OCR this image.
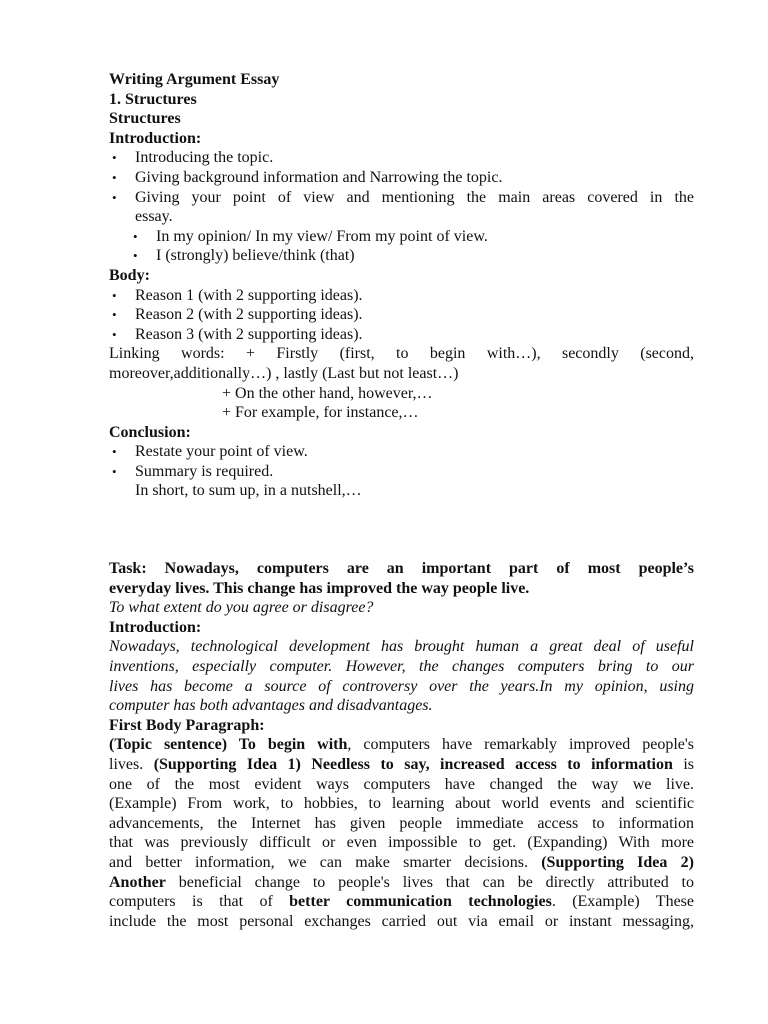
Writing Argument Essay

1. Structures

Structures

Introduction:

• Introducing the topic.
• Giving background information and Narrowing the topic.
• Giving your point of view and mentioning the main areas covered in the

essay.

• In my opinion/ In my view/ From my point of view.
• I (strongly) believe/think (that)

Body:

• Reason 1 (with 2 supporting ideas).
• Reason 2 (with 2 supporting ideas).
• Reason 3 (with 2 supporting ideas).

Linking words: + Firstly (first, to begin with…), secondly (second,

moreover,additionally…) , lastly (Last but not least…)

+ On the other hand, however,…

+ For example, for instance,…

Conclusion:

• Restate your point of view.
• Summary is required.

In short, to sum up, in a nutshell,…

Task: Nowadays, computers are an important part of most people’s

everyday lives. This change has improved the way people live.

To what extent do you agree or disagree?

Introduction:

Nowadays, technological development has brought human a great deal of useful

inventions, especially computer. However, the changes computers bring to our

lives has become a source of controversy over the years.In my opinion, using

computer has both advantages and disadvantages.

First Body Paragraph:

(Topic sentence) To begin with, computers have remarkably improved people's

lives. (Supporting Idea 1) Needless to say, increased access to information is

one of the most evident ways computers have changed the way we live.

(Example) From work, to hobbies, to learning about world events and scientific

advancements, the Internet has given people immediate access to information

that was previously difficult or even impossible to get. (Expanding) With more

and better information, we can make smarter decisions. (Supporting Idea 2)

Another beneficial change to people's lives that can be directly attributed to

computers is that of better communication technologies. (Example) These

include the most personal exchanges carried out via email or instant messaging,
